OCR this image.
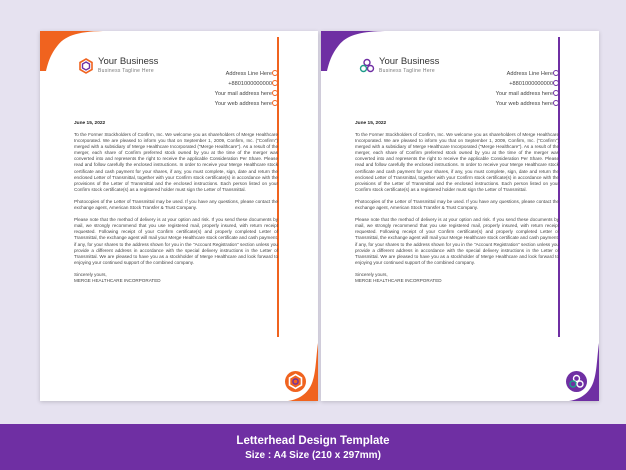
Your Business
Business Tagline Here	Address Line Here
+8801000000000
Your mail address here
Your web address here
June 15, 2022
To the Former Stockholders of Confirm, Inc. We welcome you as shareholders of Merge Healthcare Incorporated. We are pleased to inform you that on September 1, 2009, Confirm, Inc. ("Confirm") merged with a subsidiary of Merge Healthcare Incorporated ("Merge Healthcare"). As a result of the merger, each share of Confirm preferred stock owned by you at the time of the merger was converted into and represents the right to receive the applicable Consideration Per Share. Please read and follow carefully the enclosed instructions. In order to receive your Merge Healthcare stock certificate and cash payment for your shares, if any, you must complete, sign, date and return the enclosed Letter of Transmittal, together with your Confirm stock certificate(s) in accordance with the provisions of the Letter of Transmittal and the enclosed instructions. Each person listed on your Confirm stock certificate(s) as a registered holder must sign the Letter of Transmittal.
Photocopies of the Letter of Transmittal may be used. If you have any questions, please contact the exchange agent, American Stock Transfer & Trust Company.
Please note that the method of delivery is at your option and risk. If you send these documents by mail, we strongly recommend that you use registered mail, properly insured, with return receipt requested. Following receipt of your Confirm certificate(s) and properly completed Letter of Transmittal, the exchange agent will mail your Merge Healthcare stock certificate and cash payment, if any, for your shares to the address shown for you in the "Account Registration" section unless you provide a different address in accordance with the special delivery instructions in the Letter of Transmittal. We are pleased to have you as a stockholder of Merge Healthcare and look forward to enjoying your continued support of the combined company.
Sincerely yours,
MERGE HEALTHCARE INCORPORATED
Your Business
Business Tagline Here	Address Line Here
+8801000000000
Your mail address here
Your web address here
June 15, 2022
To the Former Stockholders of Confirm, Inc. We welcome you as shareholders of Merge Healthcare Incorporated. We are pleased to inform you that on September 1, 2009, Confirm, Inc. ("Confirm") merged with a subsidiary of Merge Healthcare Incorporated ("Merge Healthcare"). As a result of the merger, each share of Confirm preferred stock owned by you at the time of the merger was converted into and represents the right to receive the applicable Consideration Per Share. Please read and follow carefully the enclosed instructions. In order to receive your Merge Healthcare stock certificate and cash payment for your shares, if any, you must complete, sign, date and return the enclosed Letter of Transmittal, together with your Confirm stock certificate(s) in accordance with the provisions of the Letter of Transmittal and the enclosed instructions. Each person listed on your Confirm stock certificate(s) as a registered holder must sign the Letter of Transmittal.
Photocopies of the Letter of Transmittal may be used. If you have any questions, please contact the exchange agent, American Stock Transfer & Trust Company.
Please note that the method of delivery is at your option and risk. If you send these documents by mail, we strongly recommend that you use registered mail, properly insured, with return receipt requested. Following receipt of your Confirm certificate(s) and properly completed Letter of Transmittal, the exchange agent will mail your Merge Healthcare stock certificate and cash payment, if any, for your shares to the address shown for you in the "Account Registration" section unless you provide a different address in accordance with the special delivery instructions in the Letter of Transmittal. We are pleased to have you as a stockholder of Merge Healthcare and look forward to enjoying your continued support of the combined company.
Sincerely yours,
MERGE HEALTHCARE INCORPORATED
Letterhead Design Template
Size : A4 Size (210 x 297mm)
